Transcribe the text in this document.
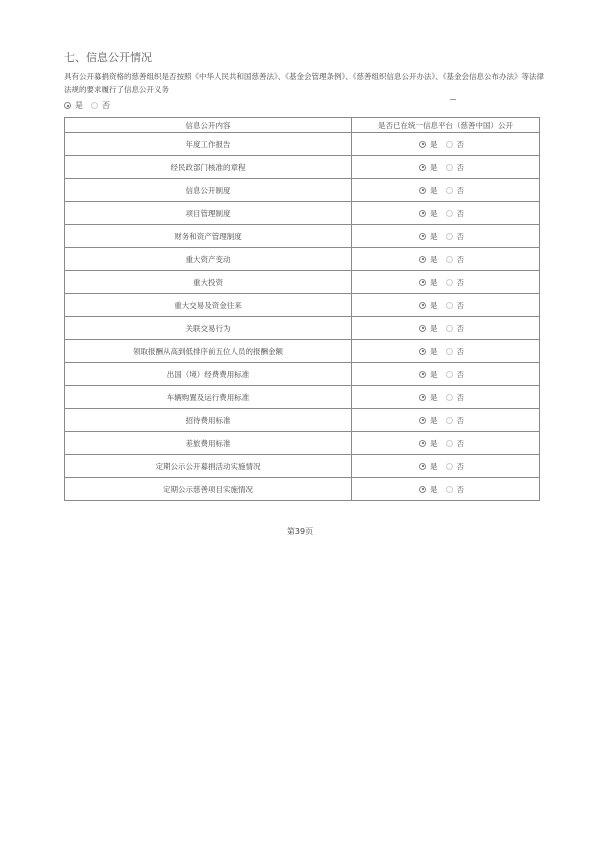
七、信息公开情况
具有公开募捐资格的慈善组织是否按照《中华人民共和国慈善法》、《基金会管理条例》、《慈善组织信息公开办法》、《基金会信息公布办法》等法律法规的要求履行了信息公开义务
是 否
信息公开内容	是否已在统一信息平台（慈善中国）公开
年度工作报告	是 否

经民政部门核准的章程	是 否

信息公开制度	是 否

项目管理制度	是 否

财务和资产管理制度	是 否

重大资产变动	是 否

重大投资	是 否

重大交易及资金往来	是 否

关联交易行为	是 否

领取报酬从高到低排序前五位人员的报酬金额	是 否

出国（境）经费费用标准	是 否

车辆购置及运行费用标准	是 否

招待费用标准	是 否

差旅费用标准	是 否

定期公示公开募捐活动实施情况	是 否

定期公示慈善项目实施情况	是 否
第39页
